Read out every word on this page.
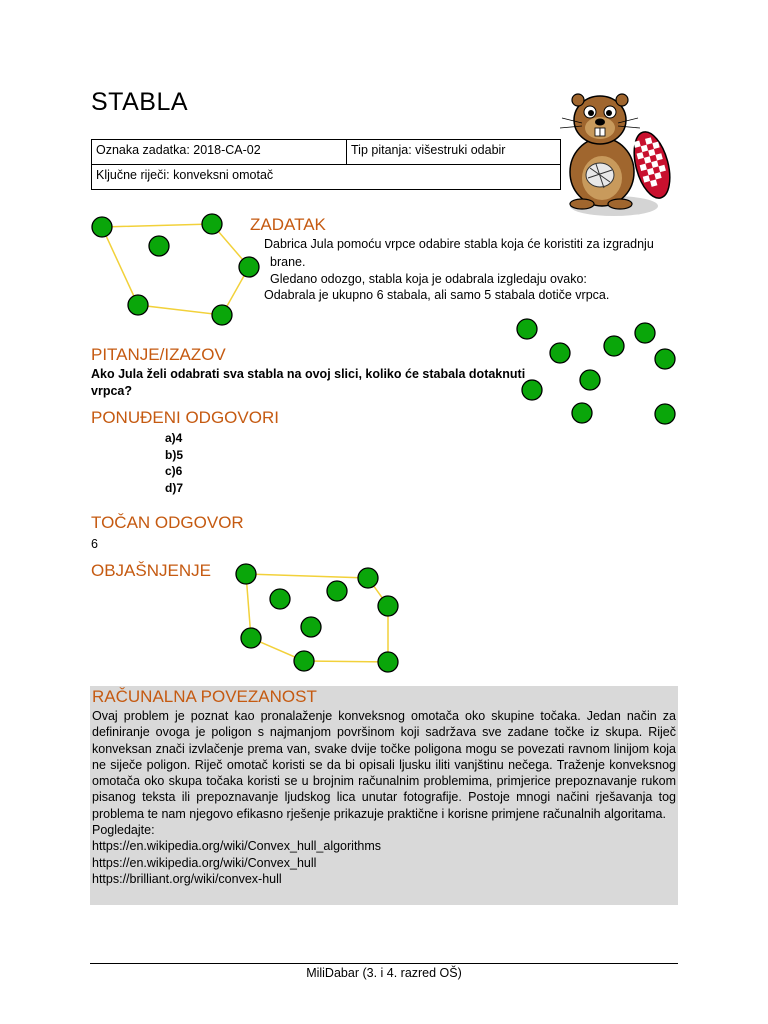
STABLA
Oznaka zadatka: 2018-CA-02	Tip pitanja: višestruki odabir
Ključne riječi: konveksni omotač
ZADATAK
Dabrica Jula pomoću vrpce odabire stabla koja će koristiti za izgradnju
brane.
Gledano odozgo, stabla koja je odabrala izgledaju ovako:
Odabrala je ukupno 6 stabala, ali samo 5 stabala dotiče vrpca.
PITANJE/IZAZOV
Ako Jula želi odabrati sva stabla na ovoj slici, koliko će stabala dotaknuti
vrpca?
PONUĐENI ODGOVORI
a)4
b)5
c)6
d)7
TOČAN ODGOVOR
6
OBJAŠNJENJE
RAČUNALNA POVEZANOST
Ovaj problem je poznat kao pronalaženje konveksnog omotača oko skupine točaka. Jedan način za definiranje ovoga je poligon s najmanjom površinom koji sadržava sve zadane točke iz skupa. Riječ konveksan znači izvlačenje prema van, svake dvije točke poligona mogu se povezati ravnom linijom koja ne siječe poligon. Riječ omotač koristi se da bi opisali ljusku iliti vanjštinu nečega. Traženje konveksnog omotača oko skupa točaka koristi se u brojnim računalnim problemima, primjerice prepoznavanje rukom pisanog teksta ili prepoznavanje ljudskog lica unutar fotografije. Postoje mnogi načini rješavanja tog problema te nam njegovo efikasno rješenje prikazuje praktične i korisne primjene računalnih algoritama.
Pogledajte:
https://en.wikipedia.org/wiki/Convex_hull_algorithms
https://en.wikipedia.org/wiki/Convex_hull
https://brilliant.org/wiki/convex-hull
MiliDabar (3. i 4. razred OŠ)
